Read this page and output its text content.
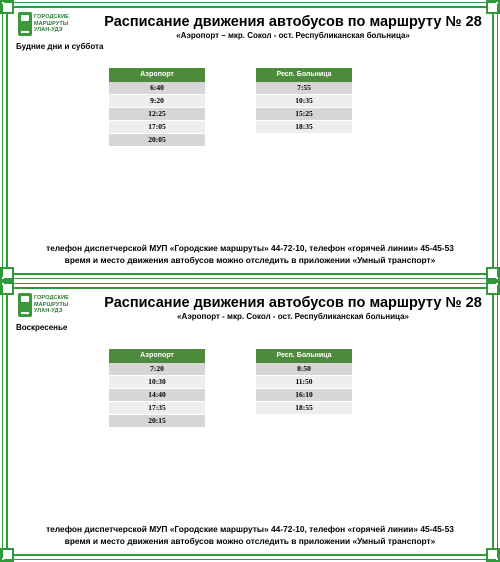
ГОРОДСКИЕ
МАРШРУТЫ
УЛАН-УДЭ
Расписание движения автобусов по маршруту № 28
«Аэропорт – мкр. Сокол - ост. Республиканская больница»
Будние дни и суббота
Аэропорт
6:40
9:20
12:25
17:05
20:05
Респ. Больница
7:55
10:35
15:25
18:35
телефон диспетчерской МУП «Городские маршруты» 44-72-10, телефон «горячей линии» 45-45-53
время и место движения автобусов можно отследить в приложении «Умный транспорт»
ГОРОДСКИЕ
МАРШРУТЫ
УЛАН-УДЭ
Расписание движения автобусов по маршруту № 28
«Аэропорт - мкр. Сокол - ост. Республиканская больница»
Воскресенье
Аэропорт
7:20
10:30
14:40
17:35
20:15
Респ. Больница
8:50
11:50
16:10
18:55
телефон диспетчерской МУП «Городские маршруты» 44-72-10, телефон «горячей линии» 45-45-53
время и место движения автобусов можно отследить в приложении «Умный транспорт»
